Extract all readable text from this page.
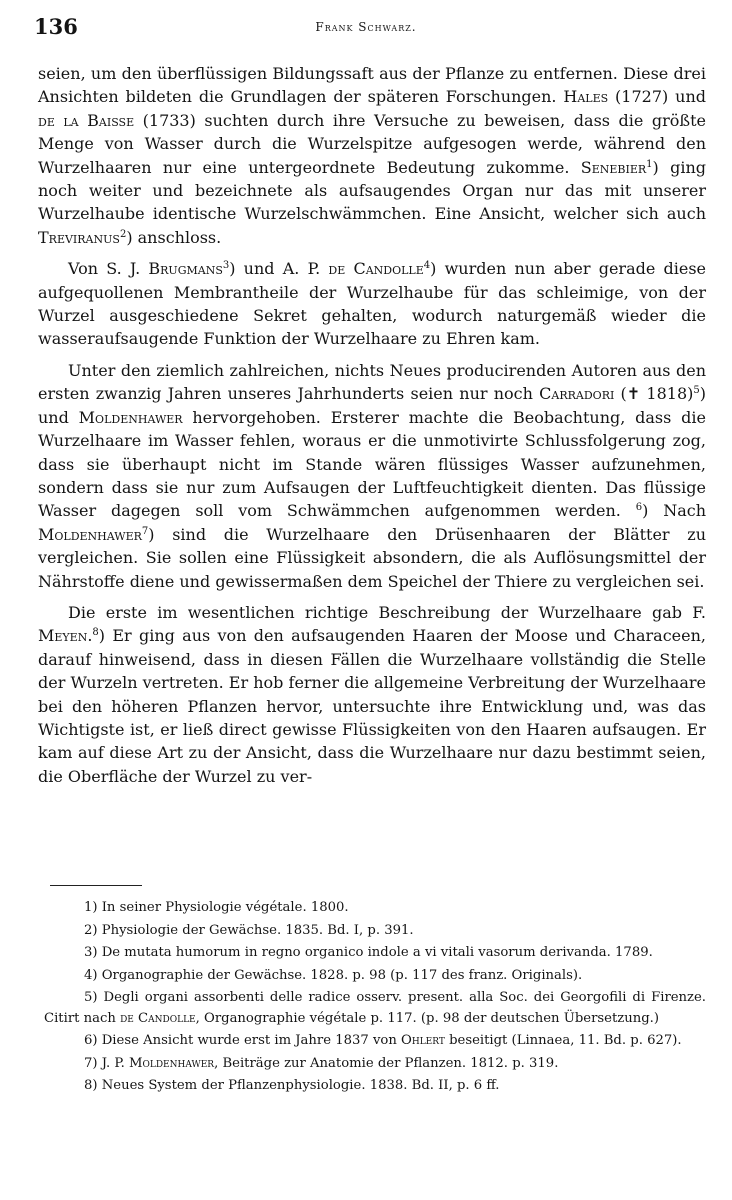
136	Frank Schwarz.

seien, um den überflüssigen Bildungssaft aus der Pflanze zu entfernen. Diese drei Ansichten bildeten die Grundlagen der späteren Forschungen. Hales (1727) und de la Baisse (1733) suchten durch ihre Versuche zu beweisen, dass die größte Menge von Wasser durch die Wurzelspitze aufgesogen werde, während den Wurzelhaaren nur eine untergeordnete Bedeutung zukomme. Senebier$^1$) ging noch weiter und bezeichnete als aufsaugendes Organ nur das mit unserer Wurzelhaube identische Wurzelschwämmchen. Eine Ansicht, welcher sich auch Treviranus$^2$) anschloss.

Von S. J. Brugmans$^3$) und A. P. de Candolle$^4$) wurden nun aber gerade diese aufgequollenen Membrantheile der Wurzelhaube für das schleimige, von der Wurzel ausgeschiedene Sekret gehalten, wodurch naturgemäß wieder die wasseraufsaugende Funktion der Wurzelhaare zu Ehren kam.

Unter den ziemlich zahlreichen, nichts Neues producirenden Autoren aus den ersten zwanzig Jahren unseres Jahrhunderts seien nur noch Carradori (✝ 1818)$^5$) und Moldenhawer hervorgehoben. Ersterer machte die Beobachtung, dass die Wurzelhaare im Wasser fehlen, woraus er die unmotivirte Schlussfolgerung zog, dass sie überhaupt nicht im Stande wären flüssiges Wasser aufzunehmen, sondern dass sie nur zum Aufsaugen der Luftfeuchtigkeit dienten. Das flüssige Wasser dagegen soll vom Schwämmchen aufgenommen werden. $^6$) Nach Moldenhawer$^7$) sind die Wurzelhaare den Drüsenhaaren der Blätter zu vergleichen. Sie sollen eine Flüssigkeit absondern, die als Auflösungsmittel der Nährstoffe diene und gewissermaßen dem Speichel der Thiere zu vergleichen sei.

Die erste im wesentlichen richtige Beschreibung der Wurzelhaare gab F. Meyen.$^8$) Er ging aus von den aufsaugenden Haaren der Moose und Characeen, darauf hinweisend, dass in diesen Fällen die Wurzelhaare vollständig die Stelle der Wurzeln vertreten. Er hob ferner die allgemeine Verbreitung der Wurzelhaare bei den höheren Pflanzen hervor, untersuchte ihre Entwicklung und, was das Wichtigste ist, er ließ direct gewisse Flüssigkeiten von den Haaren aufsaugen. Er kam auf diese Art zu der Ansicht, dass die Wurzelhaare nur dazu bestimmt seien, die Oberfläche der Wurzel zu ver-

1) In seiner Physiologie végétale. 1800.

2) Physiologie der Gewächse. 1835. Bd. I, p. 391.

3) De mutata humorum in regno organico indole a vi vitali vasorum derivanda. 1789.

4) Organographie der Gewächse. 1828. p. 98 (p. 117 des franz. Originals).

5) Degli organi assorbenti delle radice osserv. present. alla Soc. dei Georgofili di Firenze. Citirt nach de Candolle, Organographie végétale p. 117. (p. 98 der deutschen Übersetzung.)

6) Diese Ansicht wurde erst im Jahre 1837 von Ohlert beseitigt (Linnaea, 11. Bd. p. 627).

7) J. P. Moldenhawer, Beiträge zur Anatomie der Pflanzen. 1812. p. 319.

8) Neues System der Pflanzenphysiologie. 1838. Bd. II, p. 6 ff.
